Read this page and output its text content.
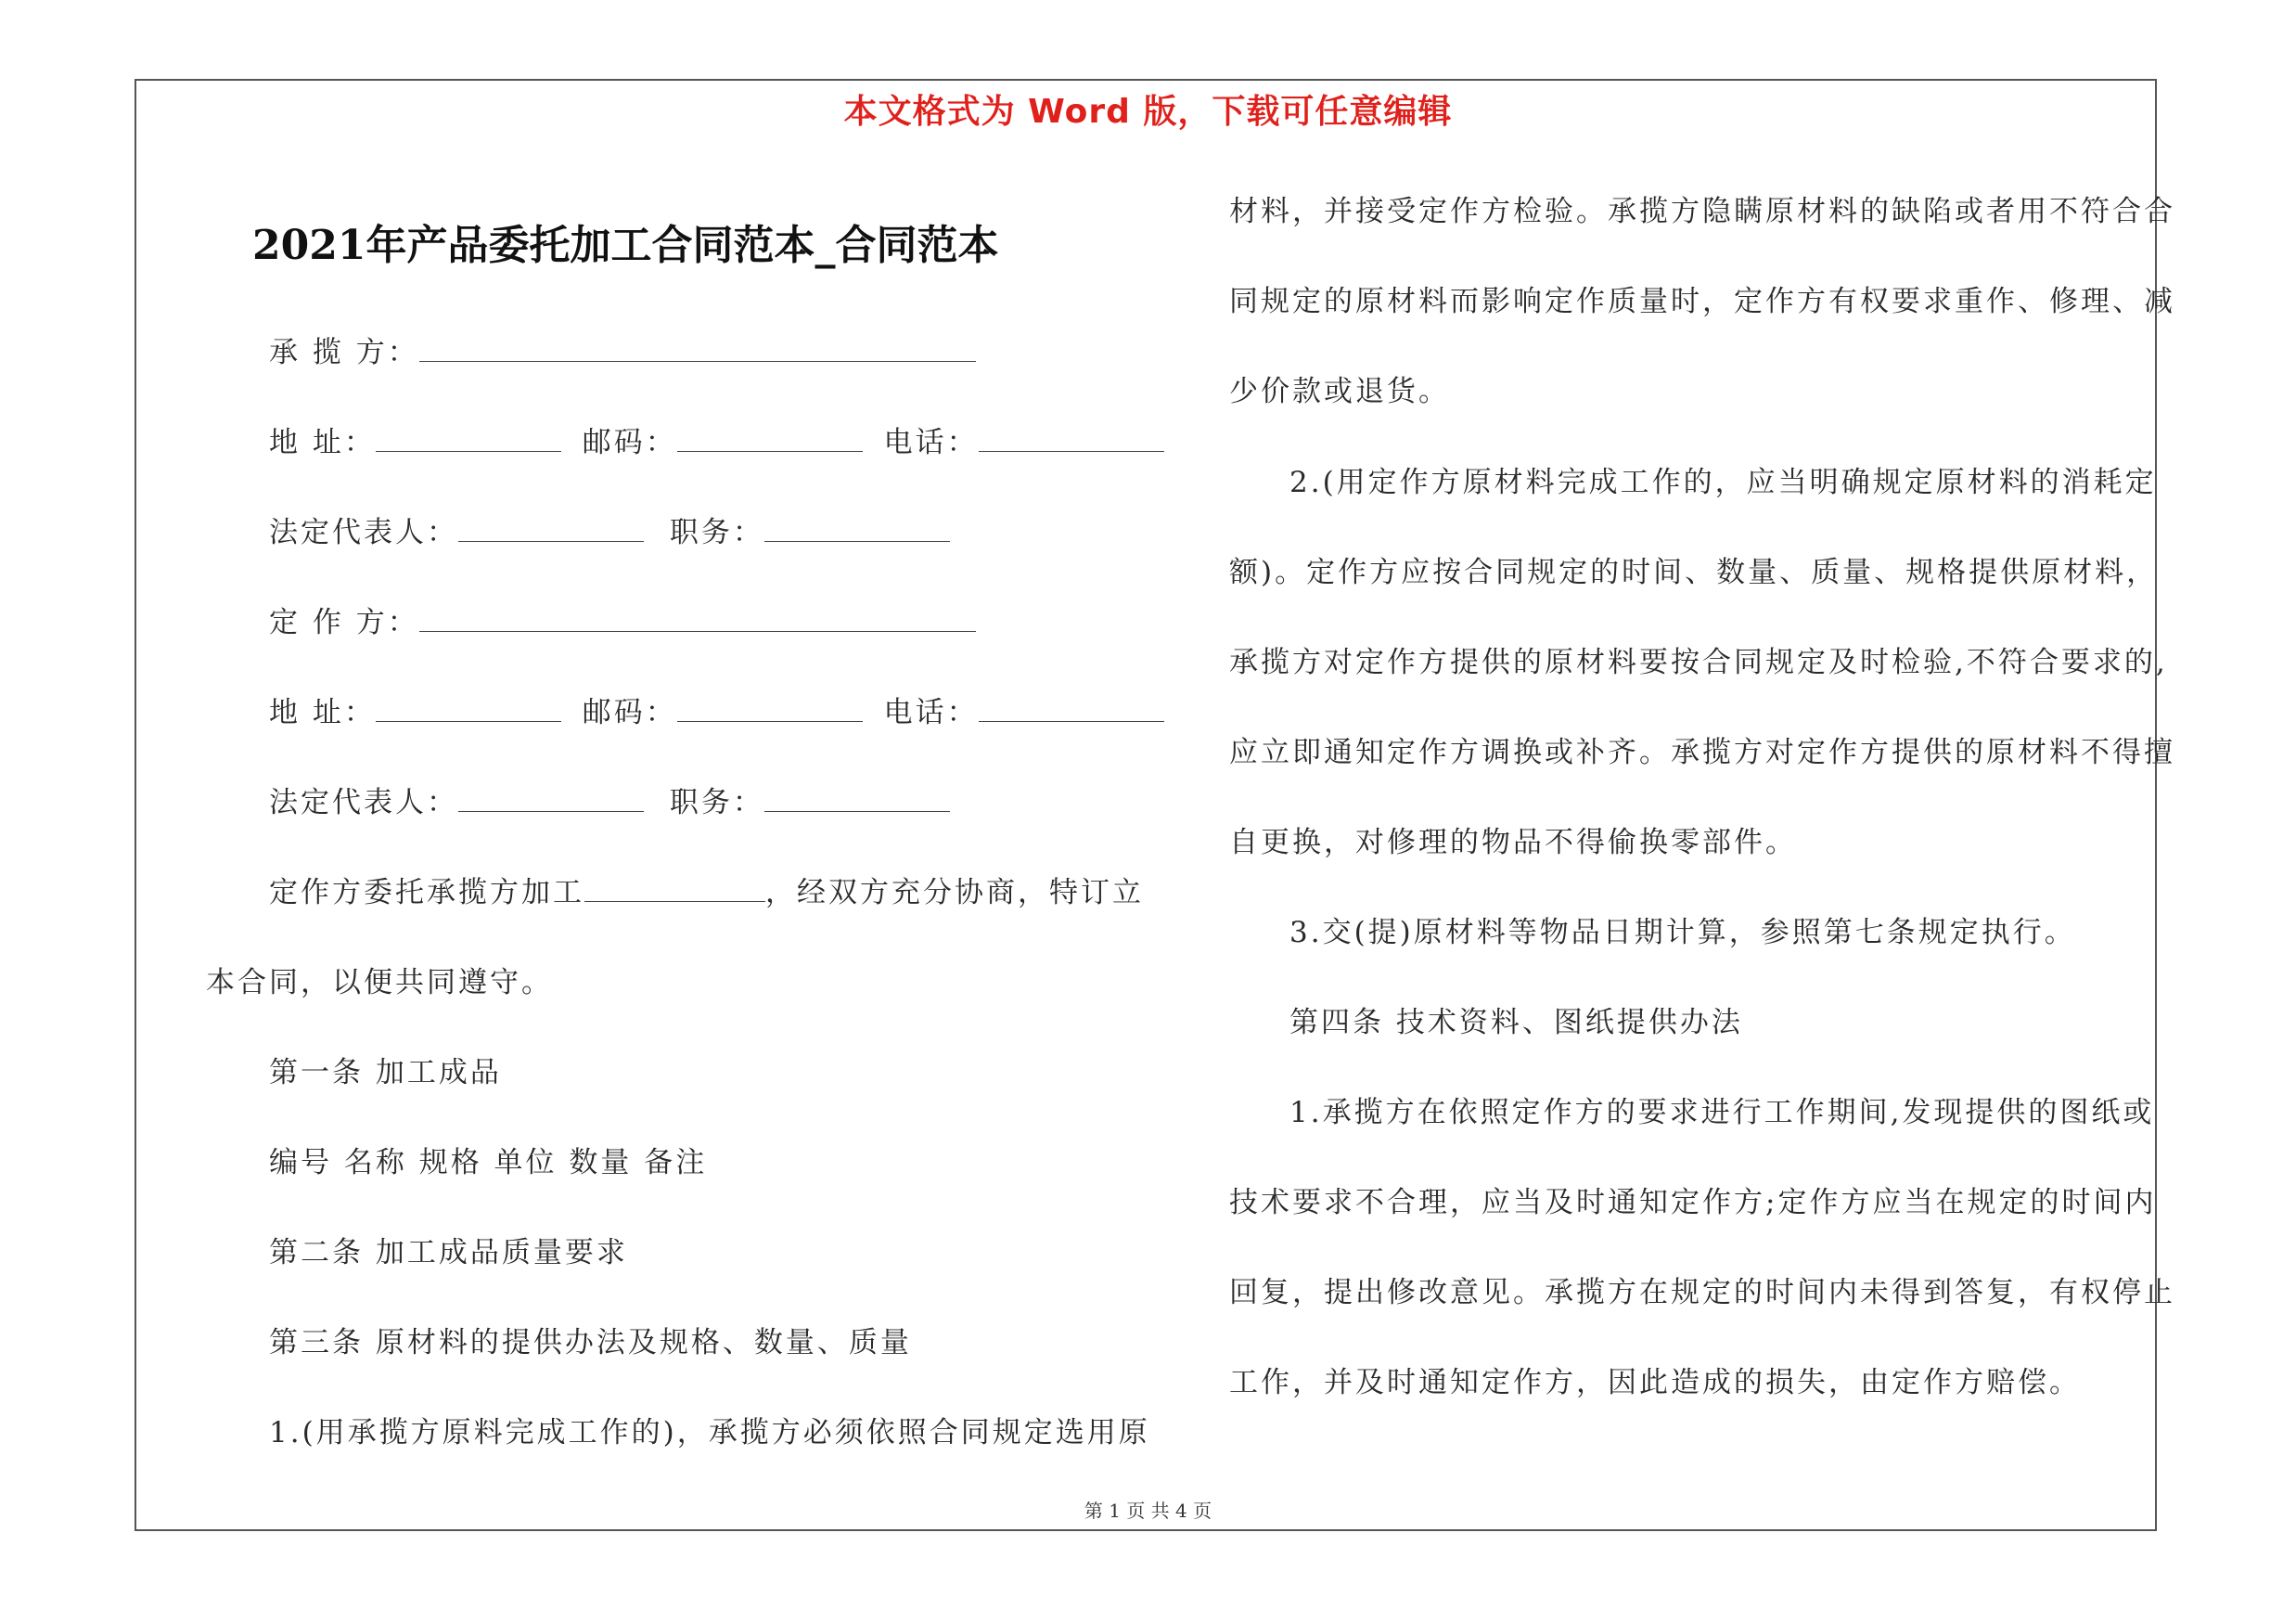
本文格式为 Word 版，下载可任意编辑
2021年产品委托加工合同范本_合同范本
承 揽 方：
地 址：	邮码：	电话：
法定代表人：	职务：
定 作 方：
地 址：	邮码：	电话：
法定代表人：	职务：
定作方委托承揽方加工	，经双方充分协商，特订立
本合同，以便共同遵守。
第一条 加工成品
编号 名称 规格 单位 数量 备注
第二条 加工成品质量要求
第三条 原材料的提供办法及规格、数量、质量
1.(用承揽方原料完成工作的)，承揽方必须依照合同规定选用原
材料，并接受定作方检验。承揽方隐瞒原材料的缺陷或者用不符合合
同规定的原材料而影响定作质量时，定作方有权要求重作、修理、减
少价款或退货。
2.(用定作方原材料完成工作的，应当明确规定原材料的消耗定
额)。定作方应按合同规定的时间、数量、质量、规格提供原材料，
承揽方对定作方提供的原材料要按合同规定及时检验,不符合要求的,
应立即通知定作方调换或补齐。承揽方对定作方提供的原材料不得擅
自更换，对修理的物品不得偷换零部件。
3.交(提)原材料等物品日期计算，参照第七条规定执行。
第四条 技术资料、图纸提供办法
1.承揽方在依照定作方的要求进行工作期间,发现提供的图纸或
技术要求不合理，应当及时通知定作方;定作方应当在规定的时间内
回复，提出修改意见。承揽方在规定的时间内未得到答复，有权停止
工作，并及时通知定作方，因此造成的损失，由定作方赔偿。
第 1 页 共 4 页
